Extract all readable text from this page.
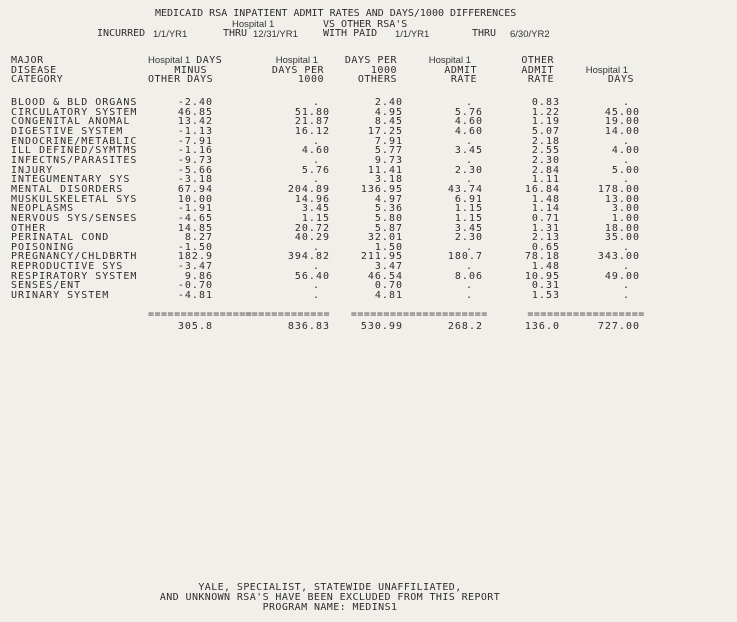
MEDICAID RSA INPATIENT ADMIT RATES AND DAYS/1000 DIFFERENCES
Hospital 1	VS OTHER RSA'S
INCURRED 1/1/YR1	THRU 12/31/YR1	WITH PAID 1/1/YR1	THRU 6/30/YR2
MAJOR	Hospital 1 DAYS	Hospital 1	DAYS PER	Hospital 1	OTHER	
DISEASE	MINUS	DAYS PER	1000	ADMIT	ADMIT	Hospital 1
CATEGORY	OTHER DAYS	1000	OTHERS	RATE	RATE	DAYS
BLOOD & BLD ORGANS	-2.40	.	2.40	.	0.83	.
CIRCULATORY SYSTEM	46.85	51.80	4.95	5.76	1.22	45.00
CONGENITAL ANOMAL	13.42	21.87	8.45	4.60	1.19	19.00
DIGESTIVE SYSTEM	-1.13	16.12	17.25	4.60	5.07	14.00
ENDOCRINE/METABLIC	-7.91	.	7.91	.	2.18	.
ILL DEFINED/SYMTMS	-1.16	4.60	5.77	3.45	2.55	4.00
INFECTNS/PARASITES	-9.73	.	9.73	.	2.30	.
INJURY	-5.66	5.76	11.41	2.30	2.84	5.00
INTEGUMENTARY SYS	-3.18	.	3.18	.	1.11	.
MENTAL DISORDERS	67.94	204.89	136.95	43.74	16.84	178.00
MUSKULSKELETAL SYS	10.00	14.96	4.97	6.91	1.48	13.00
NEOPLASMS	-1.91	3.45	5.36	1.15	1.14	3.00
NERVOUS SYS/SENSES	-4.65	1.15	5.80	1.15	0.71	1.00
OTHER	14.85	20.72	5.87	3.45	1.31	18.00
PERINATAL COND	8.27	40.29	32.01	2.30	2.13	35.00
POISONING	-1.50	.	1.50	.	0.65	.
PREGNANCY/CHLDBRTH	182.9	394.82	211.95	180.7	78.18	343.00
REPRODUCTIVE SYS	-3.47	.	3.47	.	1.48	.
RESPIRATORY SYSTEM	9.86	56.40	46.54	8.06	10.95	49.00
SENSES/ENT	-0.70	.	0.70	.	0.31	.
URINARY SYSTEM	-4.81	.	4.81	.	1.53	.
	================	=============	========	=============	=====	=============
	305.8	836.83	530.99	268.2	136.0	727.00
YALE, SPECIALIST, STATEWIDE UNAFFILIATED,
AND UNKNOWN RSA'S HAVE BEEN EXCLUDED FROM THIS REPORT
PROGRAM NAME: MEDINS1
